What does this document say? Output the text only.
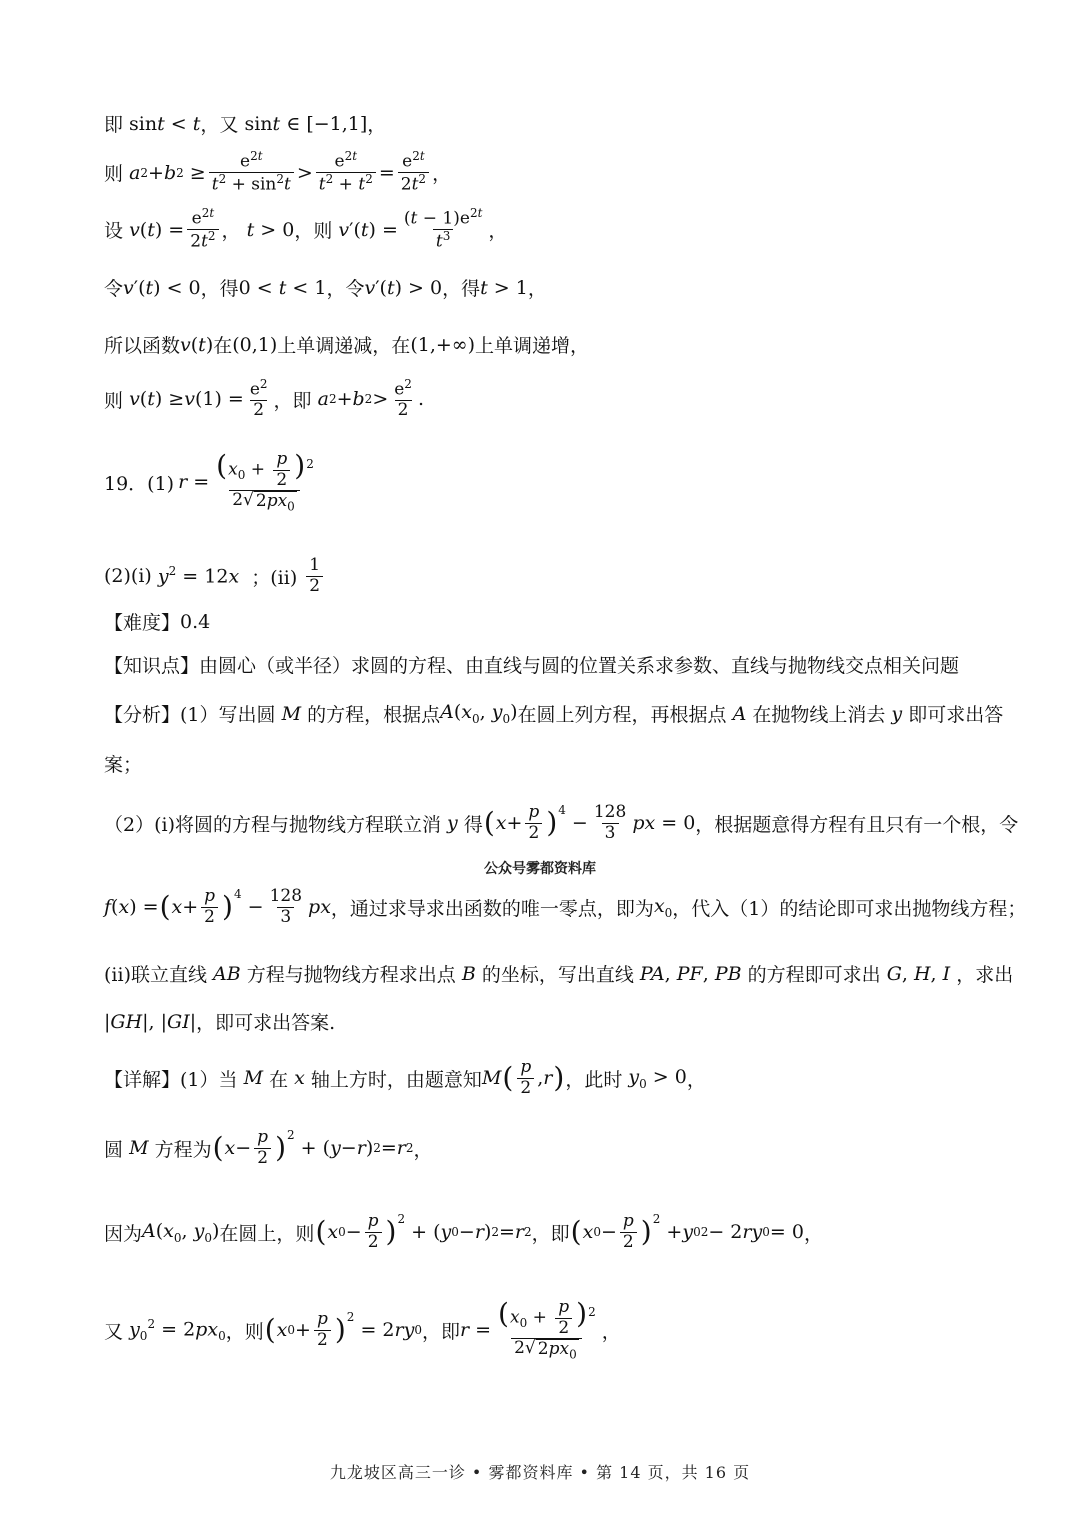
即 sint < t ， 又 sint ∈ [−1,1] ，
则
a 2 + b $2 \ge \frac{e^{2t}}{t^2 + \sin^2t} > \frac{e^{2t}}{t^2 + t^2} = \frac{e^{2t}}{2t^2}$ ，
设
v ( t ) = $\frac{e^{2t}}{2t^2}$ ， t > 0 ，则
v ′( t ) = $\frac{(t - 1)e^{2t}}{t^3}$ ，
令 v′(t) < 0 ，得 0 < t < 1 ，令 v′(t) > 0 ，得 t > 1 ，
所以函数 v(t) 在 (0,1) 上单调递减，在 (1,+∞) 上单调递增，
则
v ( t ) ≥ v $(1) = \frac{e^2}{2}$ ，即
a 2 + b $2 > \frac{e^2}{2}$ .
19．(1) $r = \frac{(x_0 + \frac{p}{2} )^2}{2√ 2px_0}$
(2)(i) $y^2 = 12x$ ；$(ii) \frac{1}{2}$
【难度】 0.4
【知识点】 由圆心（或半径）求圆的方程、由直线与圆的位置关系求参数、直线与抛物线交点相关问题
【分析】 (1）写出圆 M 的方程，根据点 $A(x_0$, $y_0$) 在圆上列方程，再根据点 A 在抛物线上消去 y 即可求出答
案；
（2）(i)将圆的方程与抛物线方程联立消 y 得 ( $x + \frac{p}{2} )^4$
− $\frac{128}{3}$ px = 0 ，根据题意得方程有且只有一个根，令
公众号雾都资料库
f ( x ) = ( $x + \frac{p}{2} )^4$
− $\frac{128}{3}$ px ，通过求导求出函数的唯一零点，即为 $x_0$ ，代入（1）的结论即可求出抛物线方程；
(ii)联立直线 AB 方程与抛物线方程求出点 B 的坐标，写出直线 PA, PF, PB 的方程即可求出 G, H, I ，求出
|GH|, |GI| ，即可求出答案.
【详解】 (1）当 M 在 x 轴上方时，由题意知 M ( $\frac{p}{2}$ , r ) ，此时 $y_0 > 0$ ，
圆 M 方程为 ( $x - \frac{p}{2} )^2$
+ ( y − r ) 2 = r 2 ，
因为 $A(x_0$, $y_0$) 在圆上，则 ( x $0 - \frac{p}{2} )^2$
+ ( y 0 − r ) 2 = r 2 ，即 ( x $0 - \frac{p}{2} )^2$
+ y 0 2 − 2 ry 0 = 0 ，
又 $y_0^2 = 2px_0$ ，则 ( x $0 + \frac{p}{2} )^2$
= 2 ry 0 ，即 $r = \frac{(x_0 + \frac{p}{2} )^2}{2√ 2px_0}$ ，
九龙坡区高三一诊 • 雾都资料库 • 第 14 页，共 16 页
